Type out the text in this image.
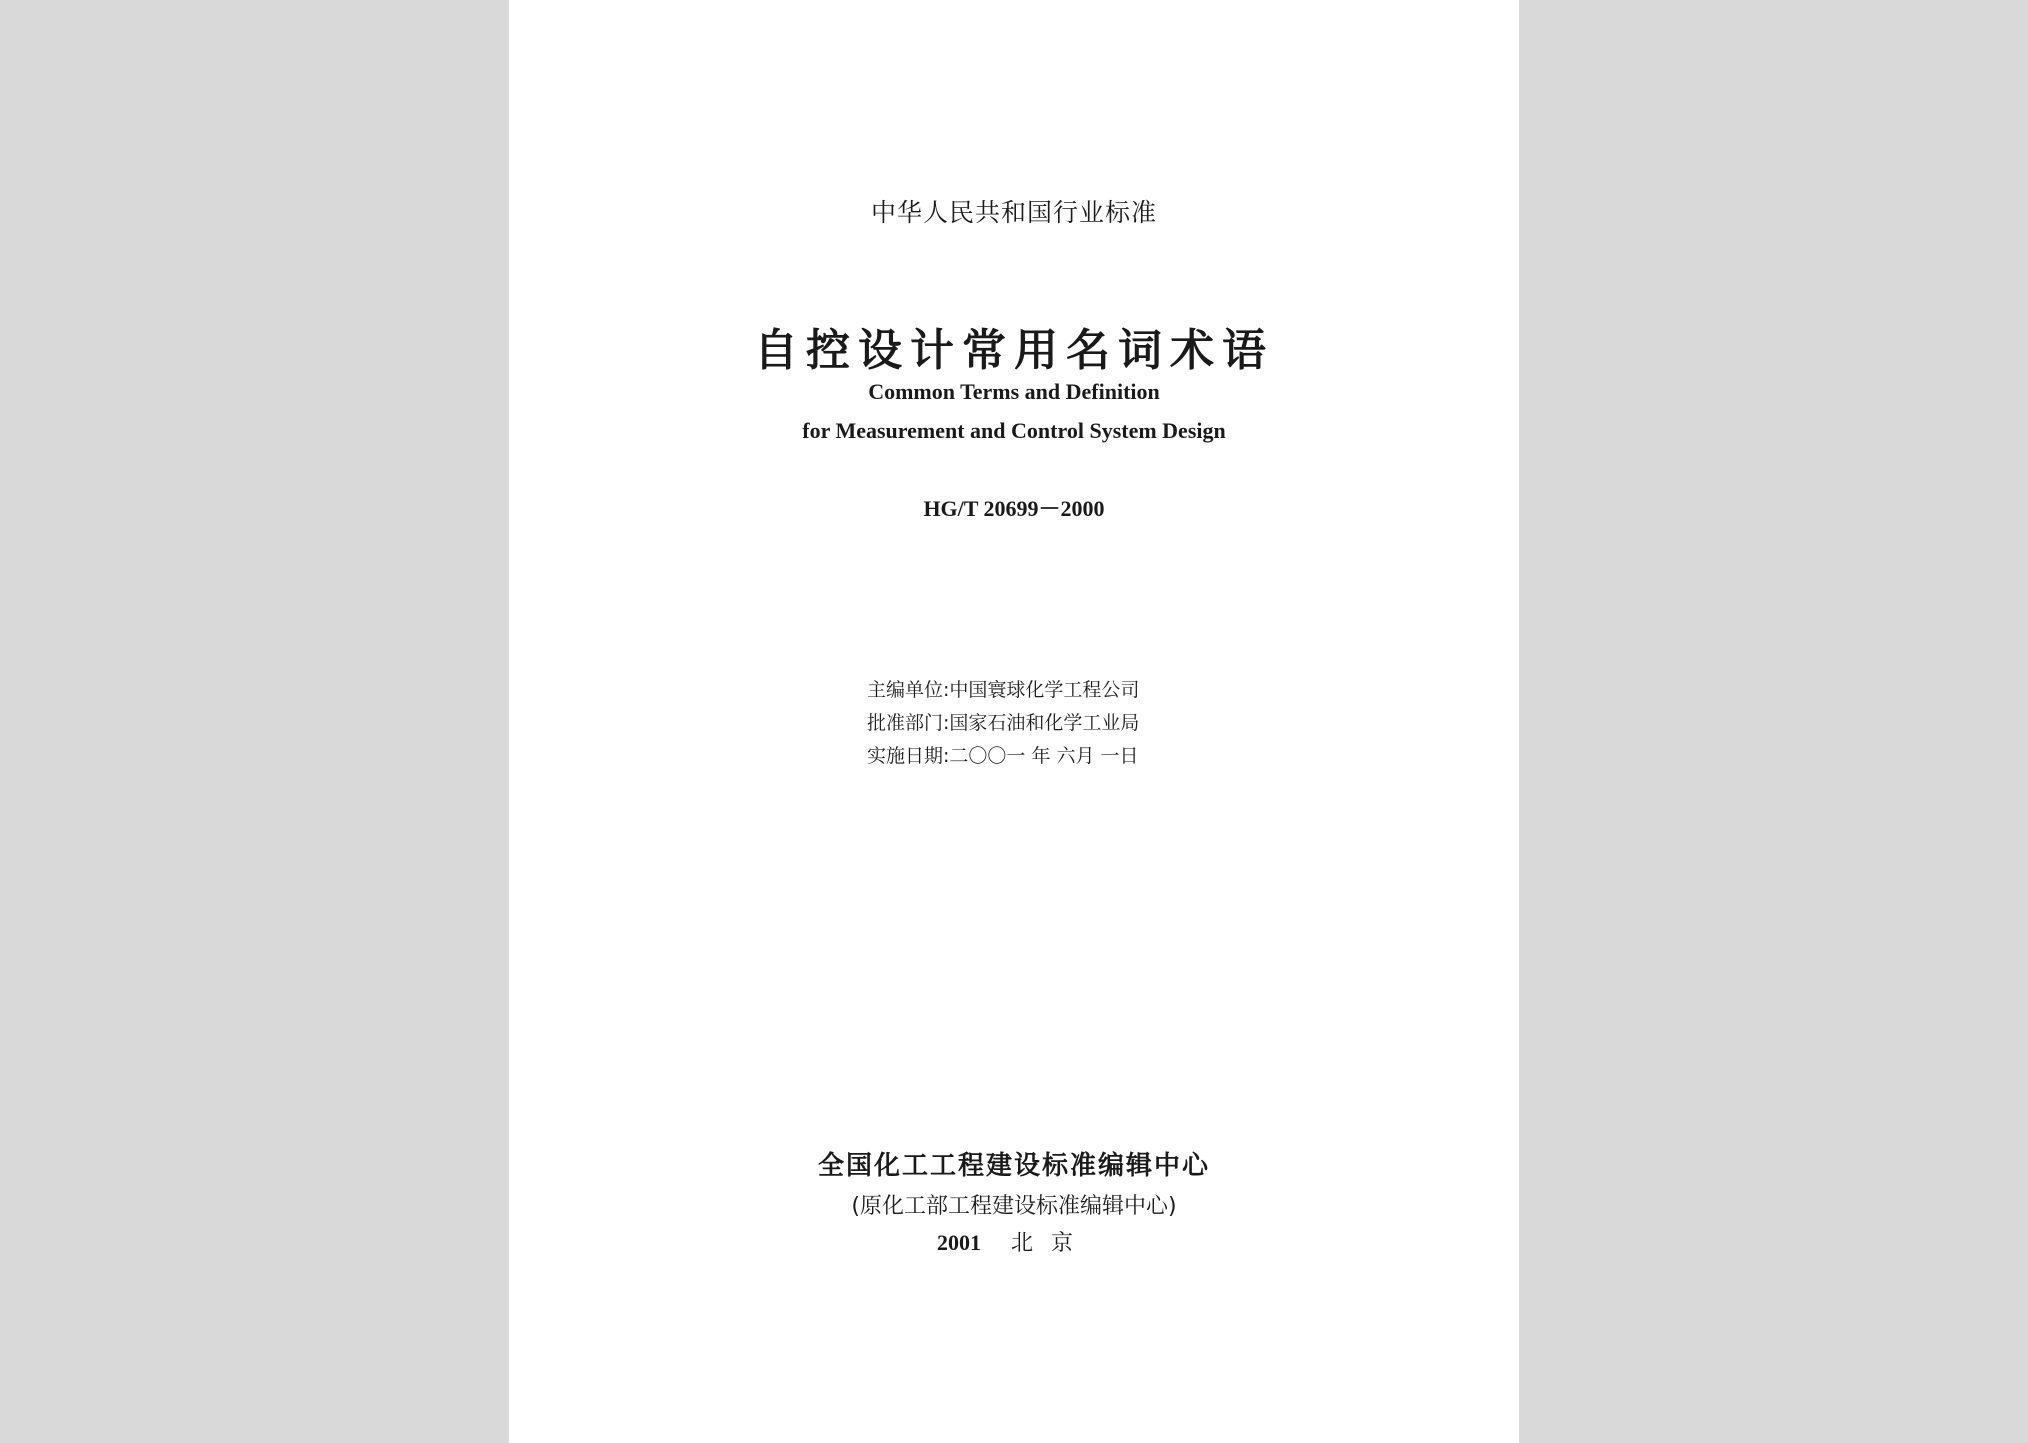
中华人民共和国行业标准
自控设计常用名词术语
Common Terms and Definition
for Measurement and Control System Design
HG/T 20699－2000
主编单位:中国寰球化学工程公司
批准部门:国家石油和化学工业局
实施日期:二〇〇一 年 六月 一日
全国化工工程建设标准编辑中心
(原化工部工程建设标准编辑中心)
2001 北京
